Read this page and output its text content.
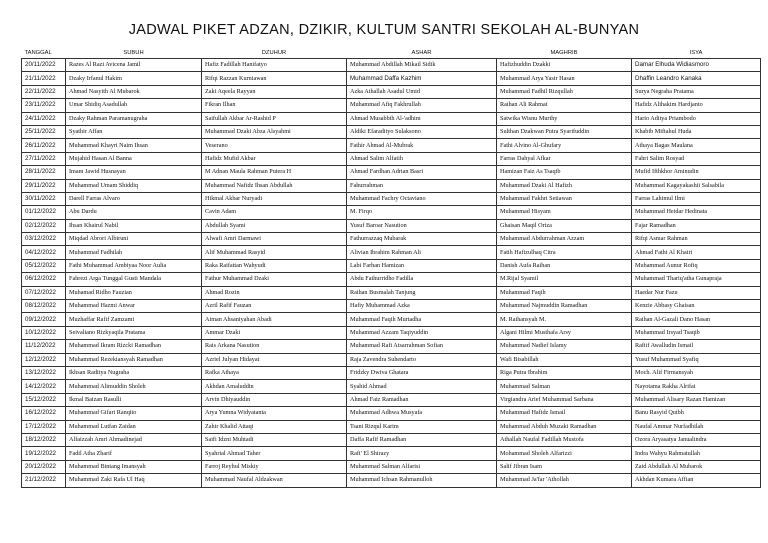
JADWAL PIKET ADZAN, DZIKIR, KULTUM SANTRI SEKOLAH AL-BUNYAN
TANGGAL	SUBUH	DZUHUR	ASHAR	MAGHRIB	ISYA
20/11/2022	Razes Al Razi Avicena Jamil	Hafiz Fadillah Hanifatyo	Muhammad Abdillah Mikail Sidik	Hafizhuddin Dzakki	Damar Elhuda Widiasmoro
21/11/2022	Dzaky Irfanul Hakim	Rifqi Razzan Kurniawan	Muhammad Daffa Kazhim	Muhammad Arya Yasir Hasan	Dhaffin Leandro Kanaka
22/11/2022	Ahmad Nasyith Al Mubarok	Zaki Aqeela Rayyan	Azka Athallah Asadul Umid	Muhammad Fadhil Rizqullah	Surya Negraha Pratama
23/11/2022	Umar Shidiq Asadullah	Fikran Ilhan	Muhammad Afiq Fakhrullah	Raihan Ali Rahmat	Hafidz Alihakim Hardjanto
24/11/2022	Dzaky Rahman Paramanugraha	Saifullah Akbar Ar-Rashid P	Ahmad Musabbih Al-'adhim	Satwika Wisnu Murthy	Hario Aditya Priambodo
25/11/2022	Syathir Affan	Muhammad Dzaki Abza Alsyahmi	Aldiki Efaradityo Sulaksono	Sulthan Dzakwan Putra Syarifuddin	Khabib Miftahul Huda
26/11/2022	Muhammad Khayri Naim Ihsan	Veserano	Fathir Ahmad Al-Mubrak	Fathi Alvino Al-Ghufary	Athaya Bagas Maulana
27/11/2022	Mujahid Hasan Al Banna	Hafidz Mufid Akbar	Ahmad Salim Alfatih	Farras Dahyal Afkar	Fahri Salim Rosyad
28/11/2022	Imam Jawid Husnayan	M Adnan Maula Rahman Putera H	Ahmad Fardhan Adrian Basri	Hamizan Faiz As Tsaqib	Mufid Ifthkhor Aminudin
29/11/2022	Muhammad Umam Shiddiq	Muhammad Nafidz Ihsan Abdullah	Fahurrahman	Muhammad Dzaki Al Hafizh	Muhammad Kagayakashii Salsabila
30/11/2022	Darell Farras Alvaro	Hikmal Akbar Nuryadi	Muhammad Fachry Octaviano	Muhammad Fakhri Setiawan	Farras Lahimul Ilmi
01/12/2022	Abu Dardu	Cavin Adam	M. Firqo	Muhammad Hisyam	Muhammad Heidar Hedinata
02/12/2022	Ihsan Khairul Nabil	Abdullah Syami	Yusuf Baroar Nasution	Ghaisan Maqil Oriza	Fajar Ramadhan
03/12/2022	Miqdad Abrori Albiruni	Alwafi Amri Darmawi	Fathurrazzaq Mubarak	Muhammad Abdurrahman Azzam	Rifqi Asmar Rahman
04/12/2022	Muhammad Fadhilah	Alif Muhammad Rasyid	Alivian Ibrahim Rahman Ali	Fatih Hafizulhaq Citra	Ahmad Fathi Al Khairi
05/12/2022	Fathi Muhammad Ambiyaa Noor Aulia	Raka Raifattan Wahyudi	Labi Farhan Hamizan	Danish Aufa Raihan	Muhammad Aunur Rofiq
06/12/2022	Fahrezi Arga Tunggal Gusti Mandala	Fathur Muhammad Dzaki	Abdu Fathurridho Fadilla	M.Rijal Syamil	Muhammad Thariq'atha Gunapraja
07/12/2022	Muhamad Ridho Fauzian	Ahmad Rozin	Raihan Busmalah Tanjung	Muhammad Faqih	Haedar Nur Fazu
08/12/2022	Muhammad Hazmi Anwar	Azril Rafif Fauzan	Hafiy Muhammad Azka	Muhammad Najmuddin Ramadhan	Kenzie Abbasy Ghaisan
09/12/2022	Muzhaffar Rafif Zamzami	Aiman Ahsaniyahan Abadi	Muhammad Faqih Murtadha	M. Raihansyah M.	Raihan Al-Gazali Dano Hasan
10/12/2022	Seivaliano Rizkyaqila Pratama	Ammar Dzaki	Muhammad Azzam Taqiyuddin	Algani Hilmi Musthafa Arsy	Muhammad Irsyad Tsaqib
11/12/2022	Muhammad Ikram Rizcki Ramadhan	Rais Arkana Nasution	Muhammad Rafi Atsarrahman Sofian	Muhammad Nadief Islamy	Rafiif Awalludin Ismail
12/12/2022	Muhammad Rezekiansyah Ramadhan	Azriel Julyan Hidayat	Raja Zavendra Suhendarto	Wafi Bisabillah	Yusuf Muhammad Syafiq
13/12/2022	Ikhsan Raditya Nugraha	Rafka Athaya	Fridzky Dwiva Ghatara	Riga Putra Ibrahim	Moch. Alif Firmansyah
14/12/2022	Muhammad Alimuddin Sholeh	Akhdan Amaluddin	Syahid Ahmad	Muhammad Salman	Nayotama Rakha Alrifai
15/12/2022	Ikmal Baizan Rasulli	Arvin Dhiyauddin	Ahmad Faiz Ramadhan	Virgiandra Arief Muhammad Sarbana	Muhammad Alisary Razan Hamizan
16/12/2022	Muhammad Gifari Ranqito	Arya Yumna Widyatanta	Muhammad Adhwa Musyafa	Muhammad Hafidz Ismail	Banu Rasyid Qutbh
17/12/2022	Muhammad Lutfan Zaidan	Zahir Khalid Attaqi	Tsani Rizqul Karim	Muhammad Abduh Muzaki Ramadhan	Naufal Ammar Nurfadhilah
18/12/2022	Alfaizzah Amri Ahmadinejad	Saifi Idzni Muhtadi	Daffa Rafif Ramadhan	Athallah Naufal Fadillah Mustofa	Ozora Aryasatya Janualindra
19/12/2022	Fadil Atha Zharif	Syahrial Ahmad Taher	Rafi' El Shirazy	Mohammad Sholeh Alfarizzi	Indra Wahyu Rahmatullah
20/12/2022	Muhammad Bintang Imansyah	Farroj Reyhul Miskiy	Muhammad Salman Alfarisi	Salif Jibran Isam	Zaid Abdullah Al Mubarok
21/12/2022	Muhammad Zaki Rafa Ul Haq	Muhammad Naufal Aldzakwan	Muhammad Ichsan Rahmanulloh	Muhammad Ja'far 'Athollah	Akhdan Kumara Affian
